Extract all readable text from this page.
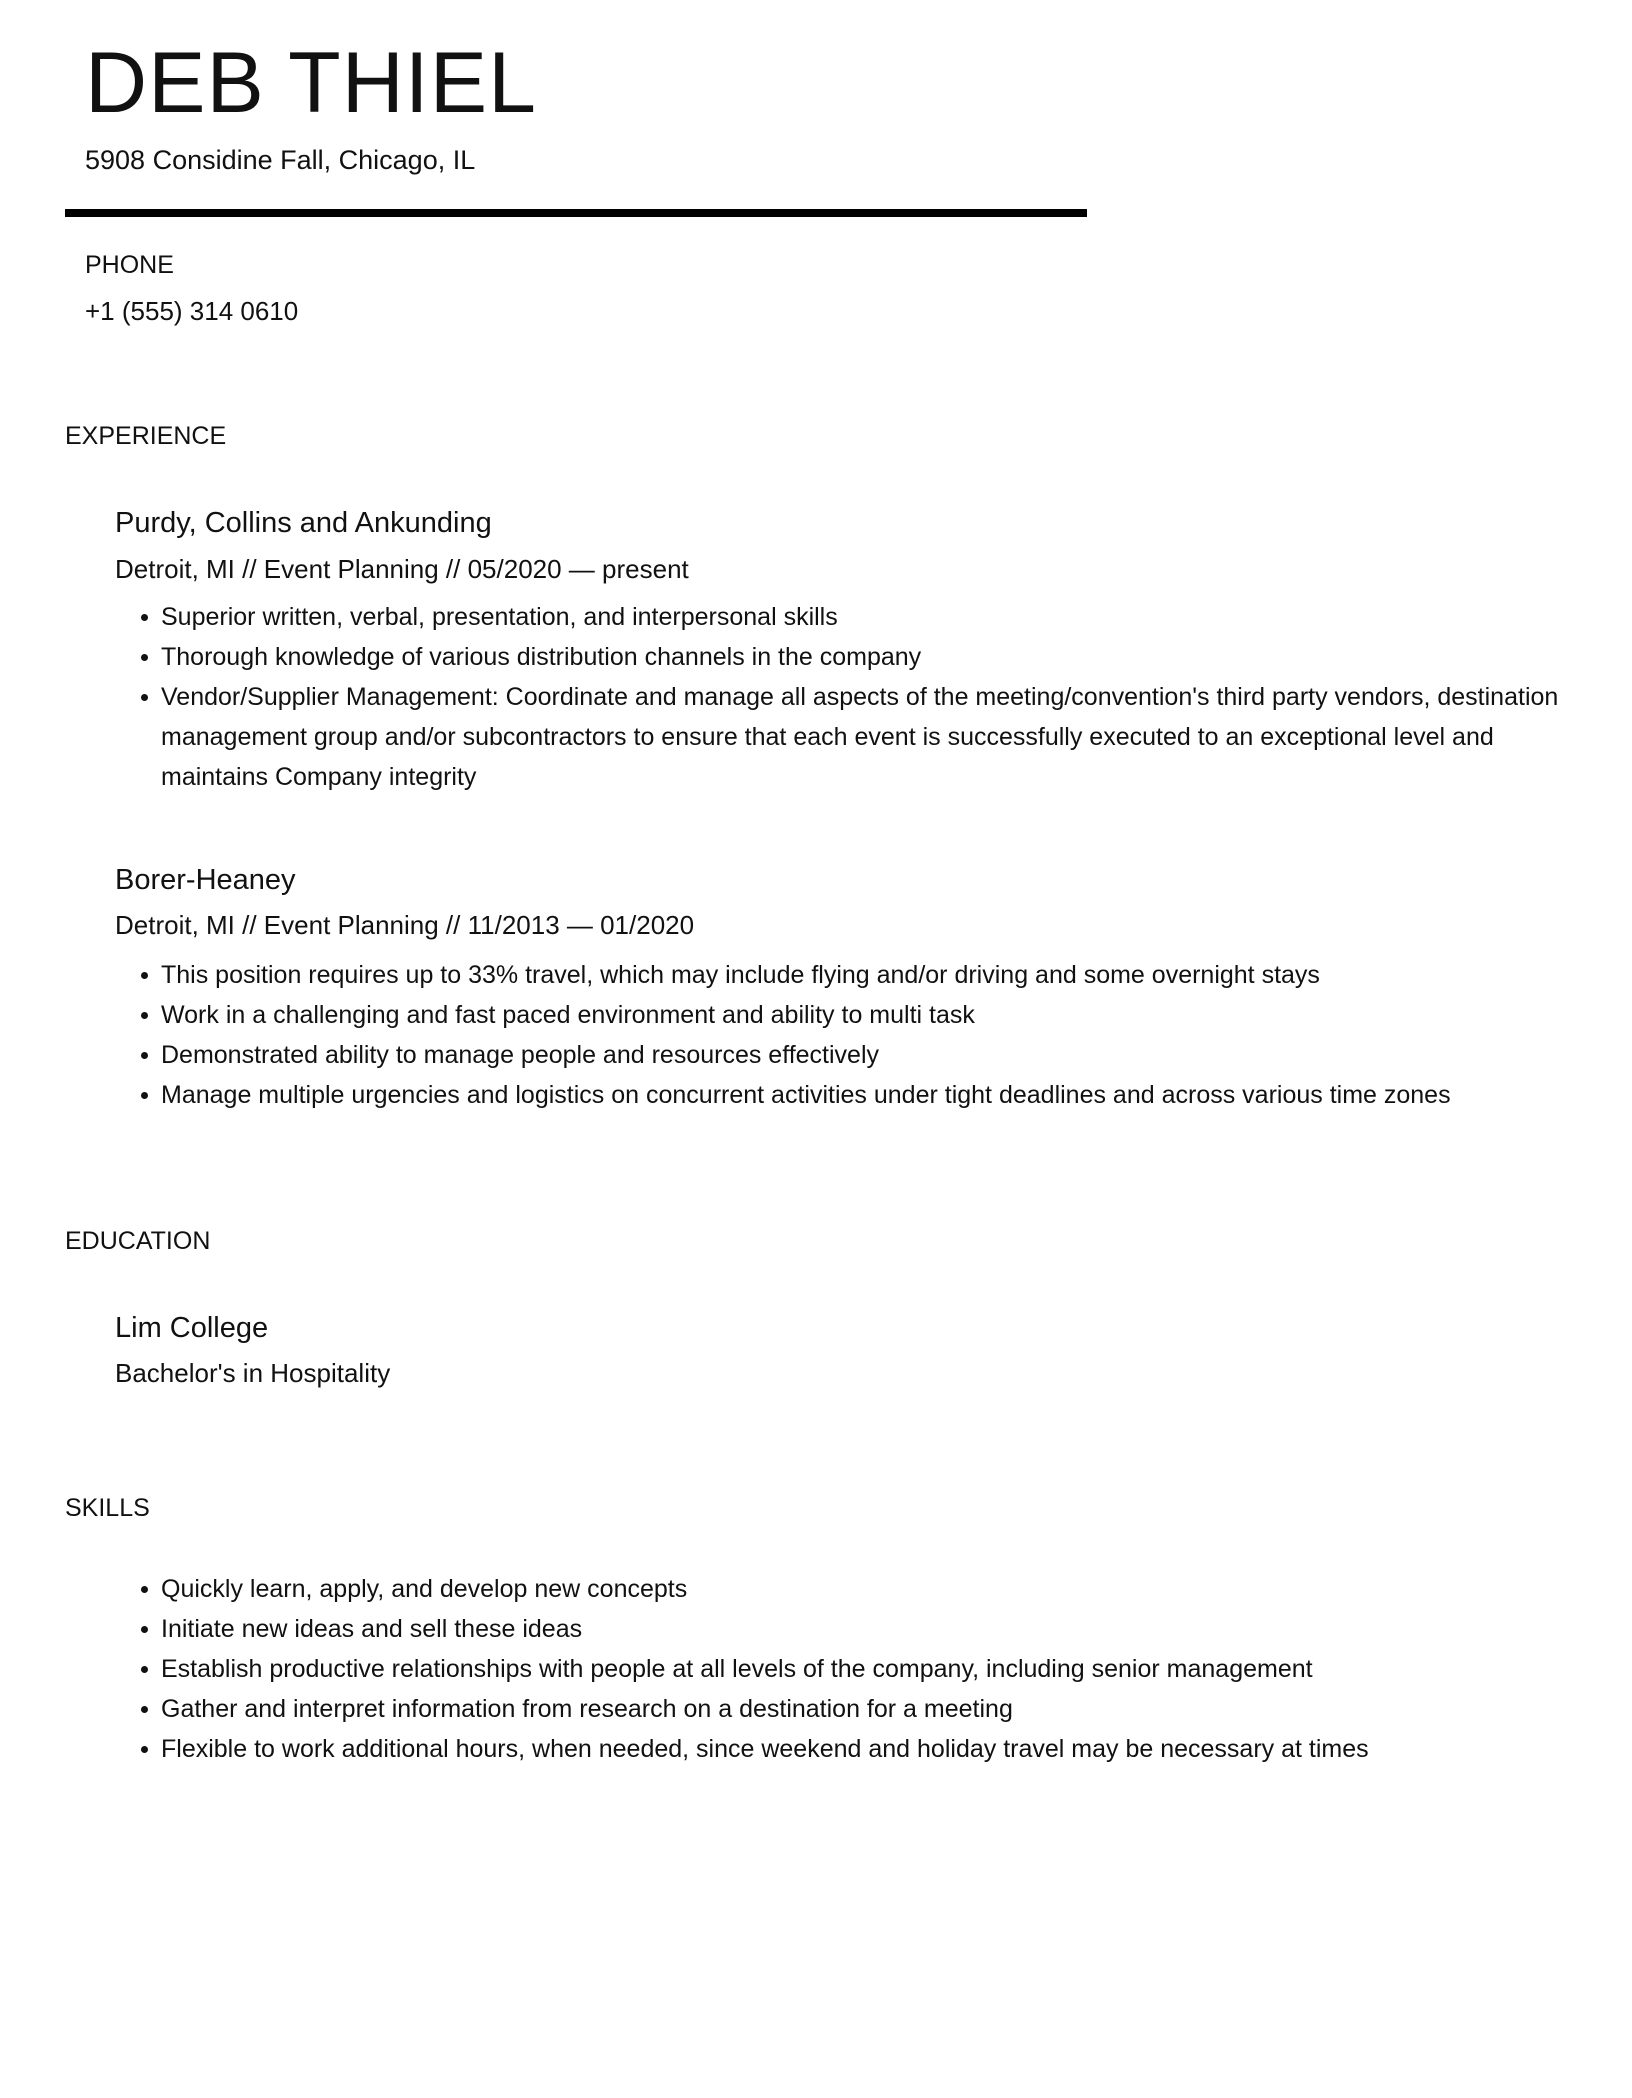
DEB THIEL
5908 Considine Fall, Chicago, IL
PHONE
+1 (555) 314 0610
EXPERIENCE
Purdy, Collins and Ankunding
Detroit, MI // Event Planning // 05/2020 — present
Superior written, verbal, presentation, and interpersonal skills
Thorough knowledge of various distribution channels in the company
Vendor/Supplier Management: Coordinate and manage all aspects of the meeting/convention's third party vendors, destination management group and/or subcontractors to ensure that each event is successfully executed to an exceptional level and maintains Company integrity
Borer-Heaney
Detroit, MI // Event Planning // 11/2013 — 01/2020
This position requires up to 33% travel, which may include flying and/or driving and some overnight stays
Work in a challenging and fast paced environment and ability to multi task
Demonstrated ability to manage people and resources effectively
Manage multiple urgencies and logistics on concurrent activities under tight deadlines and across various time zones
EDUCATION
Lim College
Bachelor's in Hospitality
SKILLS
Quickly learn, apply, and develop new concepts
Initiate new ideas and sell these ideas
Establish productive relationships with people at all levels of the company, including senior management
Gather and interpret information from research on a destination for a meeting
Flexible to work additional hours, when needed, since weekend and holiday travel may be necessary at times
